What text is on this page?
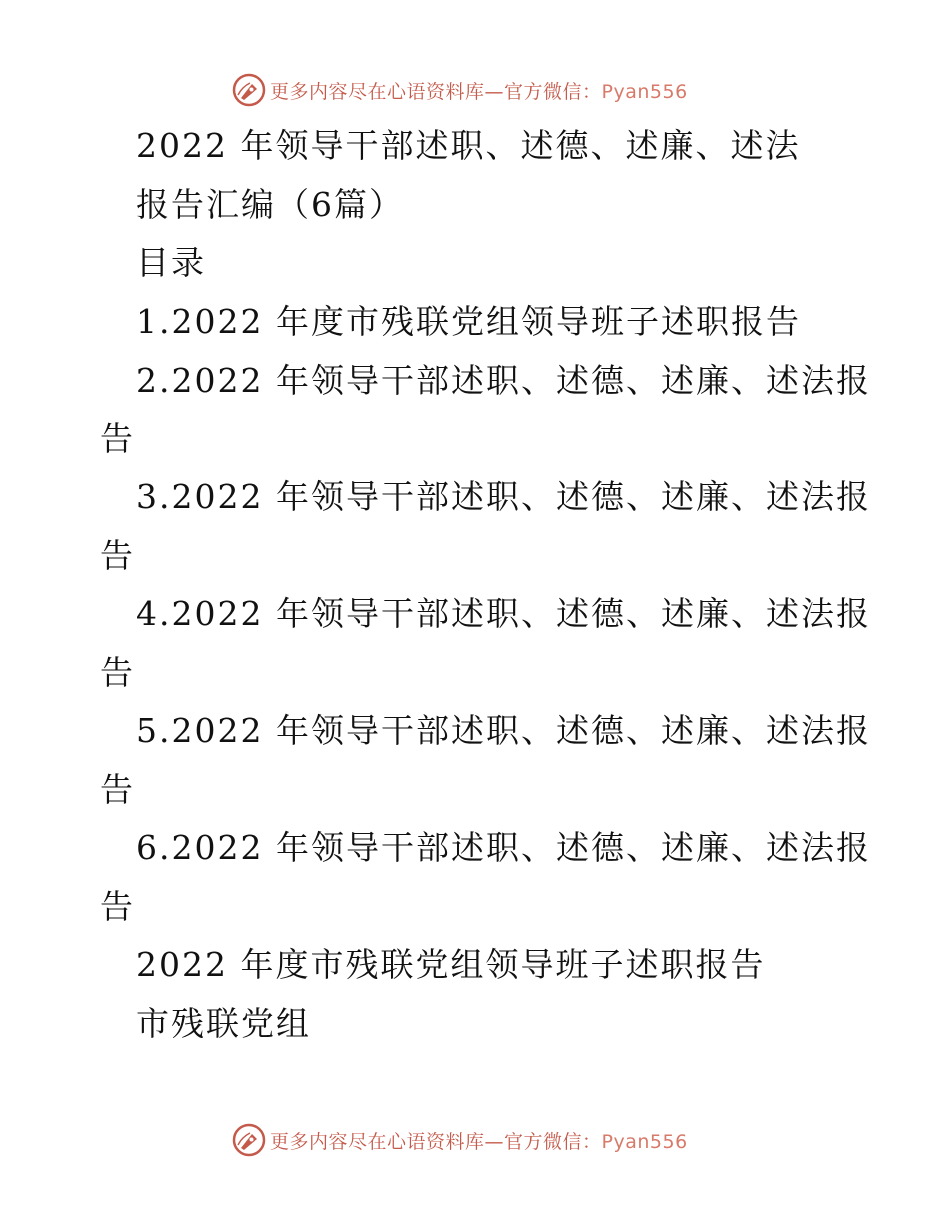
更多内容尽在心语资料库—官方微信：Pyan556
2022 年领导干部述职、述德、述廉、述法
报告汇编（6篇）
目录
1.2022 年度市残联党组领导班子述职报告
2.2022 年领导干部述职、述德、述廉、述法报
告
3.2022 年领导干部述职、述德、述廉、述法报
告
4.2022 年领导干部述职、述德、述廉、述法报
告
5.2022 年领导干部述职、述德、述廉、述法报
告
6.2022 年领导干部述职、述德、述廉、述法报
告
2022 年度市残联党组领导班子述职报告
市残联党组
更多内容尽在心语资料库—官方微信：Pyan556
